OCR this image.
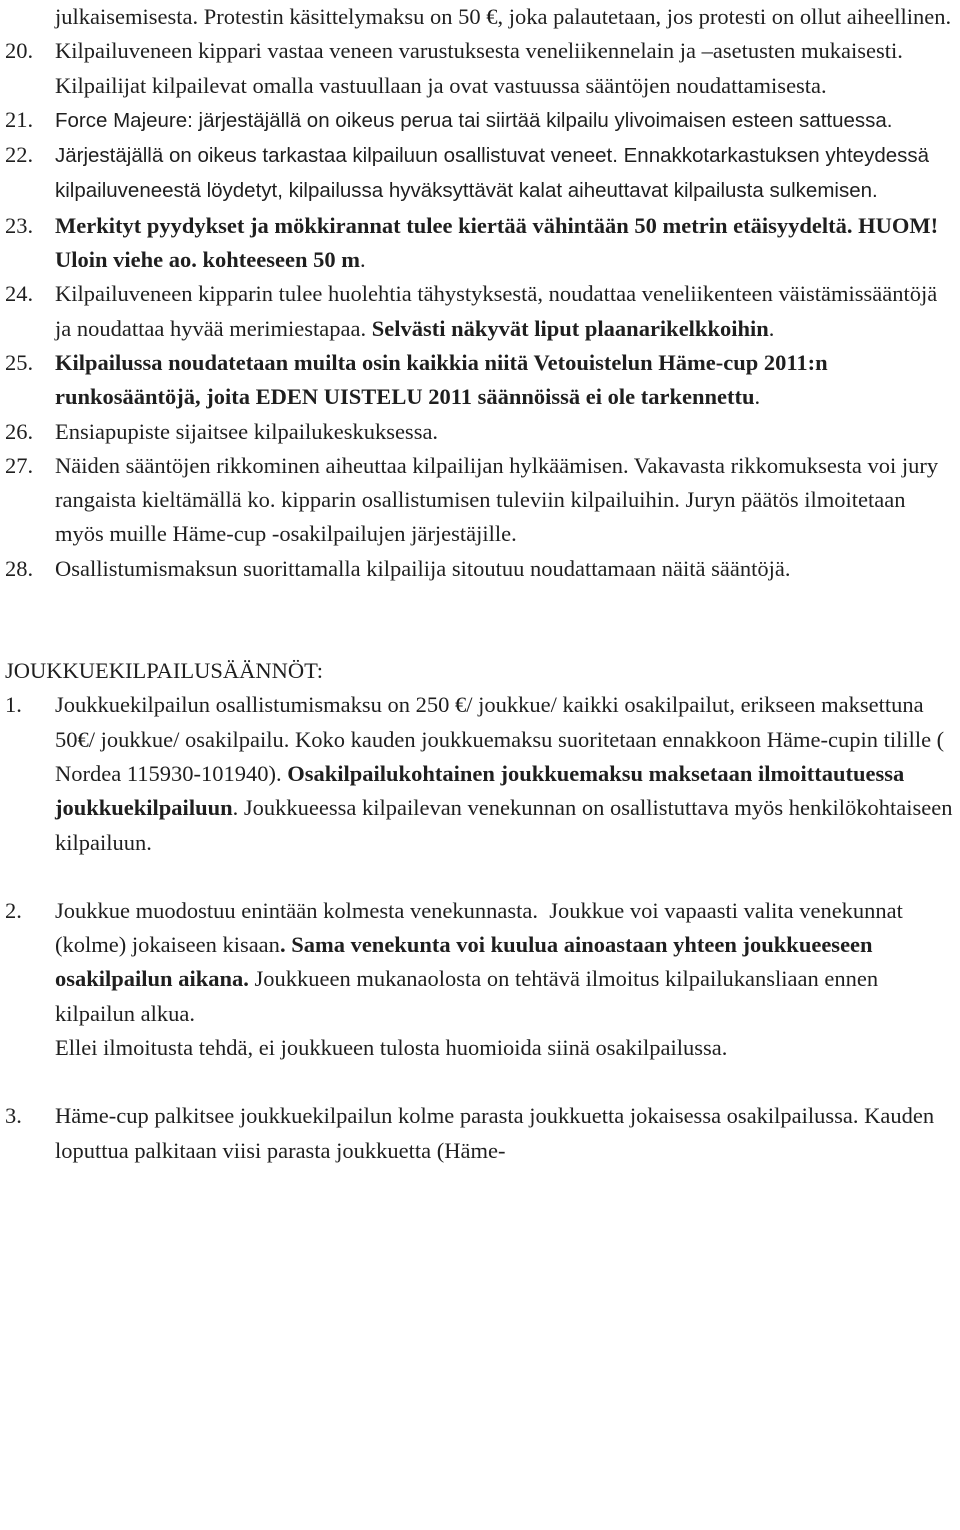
julkaisemisesta. Protestin käsittelymaksu on 50 €, joka palautetaan, jos protesti on ollut aiheellinen.
20. Kilpailuveneen kippari vastaa veneen varustuksesta veneliikennelain ja –asetusten mukaisesti. Kilpailijat kilpailevat omalla vastuullaan ja ovat vastuussa sääntöjen noudattamisesta.
21. Force Majeure: järjestäjällä on oikeus perua tai siirtää kilpailu ylivoimaisen esteen sattuessa.
22. Järjestäjällä on oikeus tarkastaa kilpailuun osallistuvat veneet. Ennakkotarkastuksen yhteydessä kilpailuveneestä löydetyt, kilpailussa hyväksyttävät kalat aiheuttavat kilpailusta sulkemisen.
23. Merkityt pyydykset ja mökkirannat tulee kiertää vähintään 50 metrin etäisyydeltä. HUOM! Uloin viehe ao. kohteeseen 50 m.
24. Kilpailuveneen kipparin tulee huolehtia tähystyksestä, noudattaa veneliikenteen väistämissääntöjä ja noudattaa hyvää merimiestapaa. Selvästi näkyvät liput plaanarikelkkoihin.
25. Kilpailussa noudatetaan muilta osin kaikkia niitä Vetouistelun Häme-cup 2011:n runkosääntöjä, joita EDEN UISTELU 2011 säännöissä ei ole tarkennettu.
26. Ensiapupiste sijaitsee kilpailukeskuksessa.
27. Näiden sääntöjen rikkominen aiheuttaa kilpailijan hylkäämisen. Vakavasta rikkomuksesta voi jury rangaista kieltämällä ko. kipparin osallistumisen tuleviin kilpailuihin. Juryn päätös ilmoitetaan myös muille Häme-cup -osakilpailujen järjestäjille.
28. Osallistumismaksun suorittamalla kilpailija sitoutuu noudattamaan näitä sääntöjä.
JOUKKUEKILPAILUSÄÄNNÖT:
1. Joukkuekilpailun osallistumismaksu on 250 €/ joukkue/ kaikki osakilpailut, erikseen maksettuna 50€/ joukkue/ osakilpailu. Koko kauden joukkuemaksu suoritetaan ennakkoon Häme-cupin tilille ( Nordea 115930-101940). Osakilpailukohtainen joukkuemaksu maksetaan ilmoittautuessa joukkuekilpailuun. Joukkueessa kilpailevan venekunnan on osallistuttava myös henkilökohtaiseen kilpailuun.
2. Joukkue muodostuu enintään kolmesta venekunnasta.  Joukkue voi vapaasti valita venekunnat (kolme) jokaiseen kisaan. Sama venekunta voi kuulua ainoastaan yhteen joukkueeseen osakilpailun aikana. Joukkueen mukanaolosta on tehtävä ilmoitus kilpailukansliaan ennen kilpailun alkua.
Ellei ilmoitusta tehdä, ei joukkueen tulosta huomioida siinä osakilpailussa.
3. Häme-cup palkitsee joukkuekilpailun kolme parasta joukkuetta jokaisessa osakilpailussa. Kauden loputtua palkitaan viisi parasta joukkuetta (Häme-
